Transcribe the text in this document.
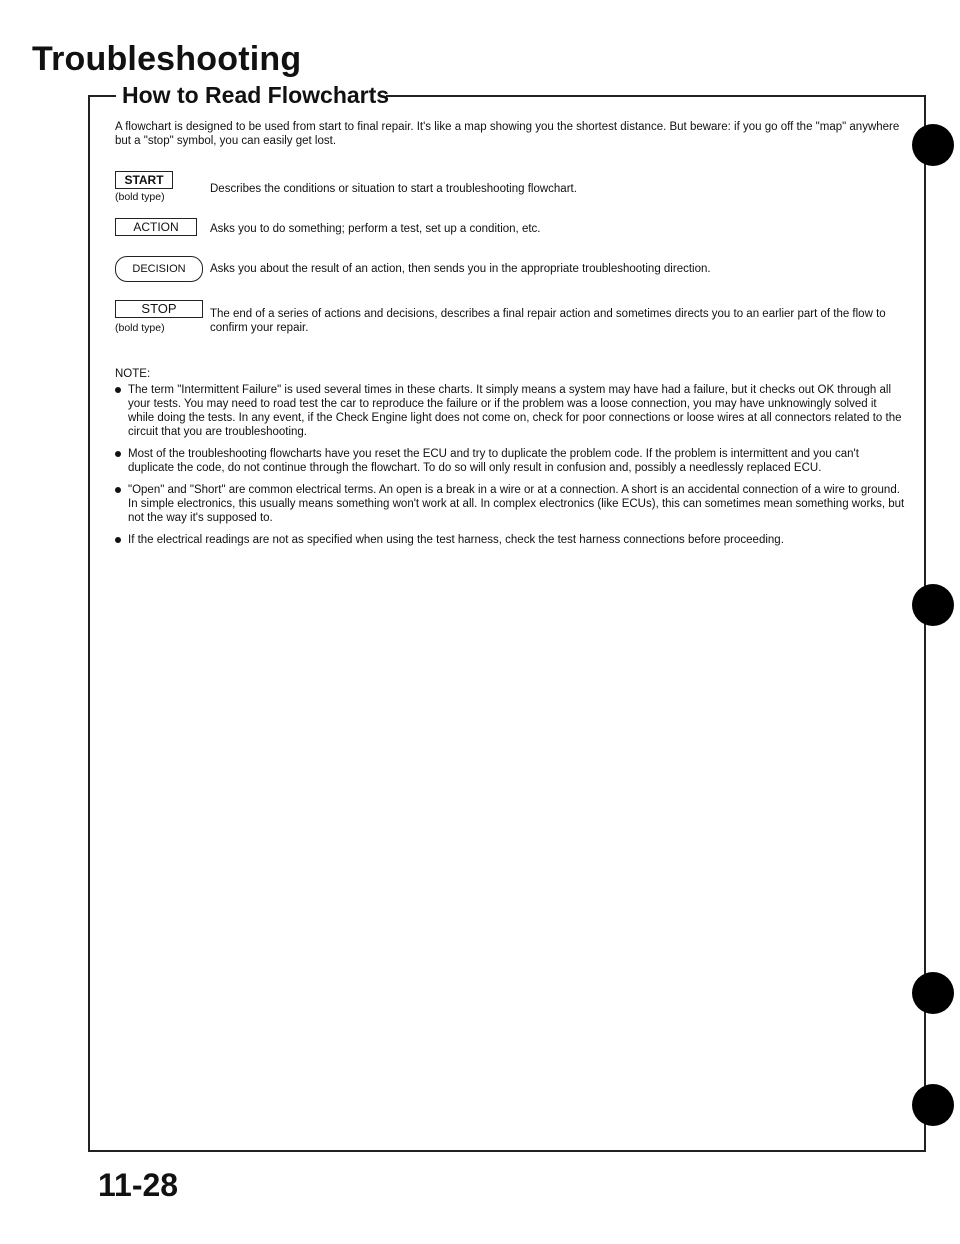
Troubleshooting
How to Read Flowcharts

A flowchart is designed to be used from start to final repair. It's like a map showing you the shortest distance. But beware: if you go off the "map" anywhere but a "stop" symbol, you can easily get lost.

START
(bold type)
Describes the conditions or situation to start a troubleshooting flowchart.
ACTION	Asks you to do something; perform a test, set up a condition, etc.
DECISION	Asks you about the result of an action, then sends you in the appropriate troubleshooting direction.
STOP
(bold type)
The end of a series of actions and decisions, describes a final repair action and sometimes directs you to an earlier part of the flow to confirm your repair.

NOTE:

The term "Intermittent Failure" is used several times in these charts. It simply means a system may have had a failure, but it checks out OK through all your tests. You may need to road test the car to reproduce the failure or if the problem was a loose connection, you may have unknowingly solved it while doing the tests. In any event, if the Check Engine light does not come on, check for poor connections or loose wires at all connectors related to the circuit that you are troubleshooting.
Most of the troubleshooting flowcharts have you reset the ECU and try to duplicate the problem code. If the problem is intermittent and you can't duplicate the code, do not continue through the flowchart. To do so will only result in confusion and, possibly a needlessly replaced ECU.
"Open" and "Short" are common electrical terms. An open is a break in a wire or at a connection. A short is an accidental connection of a wire to ground. In simple electronics, this usually means something won't work at all. In complex electronics (like ECUs), this can sometimes mean something works, but not the way it's supposed to.
If the electrical readings are not as specified when using the test harness, check the test harness connections before proceeding.
11-28
